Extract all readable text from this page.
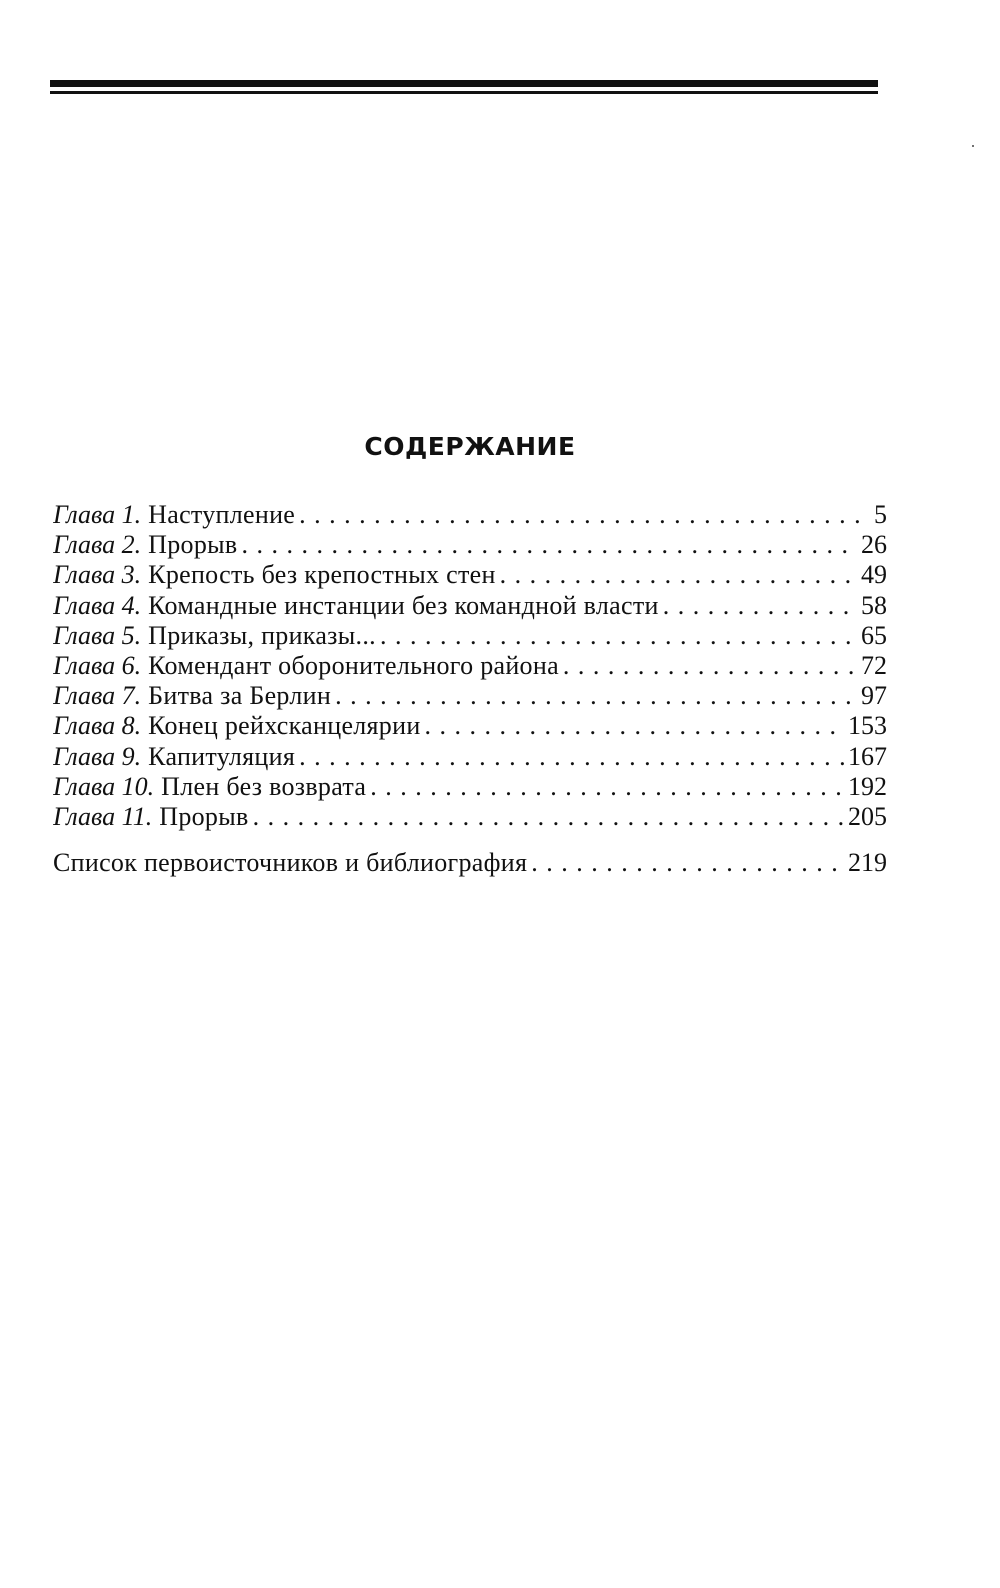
СОДЕРЖАНИЕ
Глава 1. Наступление . . .	5
Глава 2. Прорыв . . .	26
Глава 3. Крепость без крепостных стен . . .	49
Глава 4. Командные инстанции без командной власти . . .	58
Глава 5. Приказы, приказы... . . .	65
Глава 6. Комендант оборонительного района . . .	72
Глава 7. Битва за Берлин . . .	97
Глава 8. Конец рейхсканцелярии . . .	153
Глава 9. Капитуляция . . .	167
Глава 10. Плен без возврата . . .	192
Глава 11. Прорыв . . .	205
Список первоисточников и библиография . . .	219
